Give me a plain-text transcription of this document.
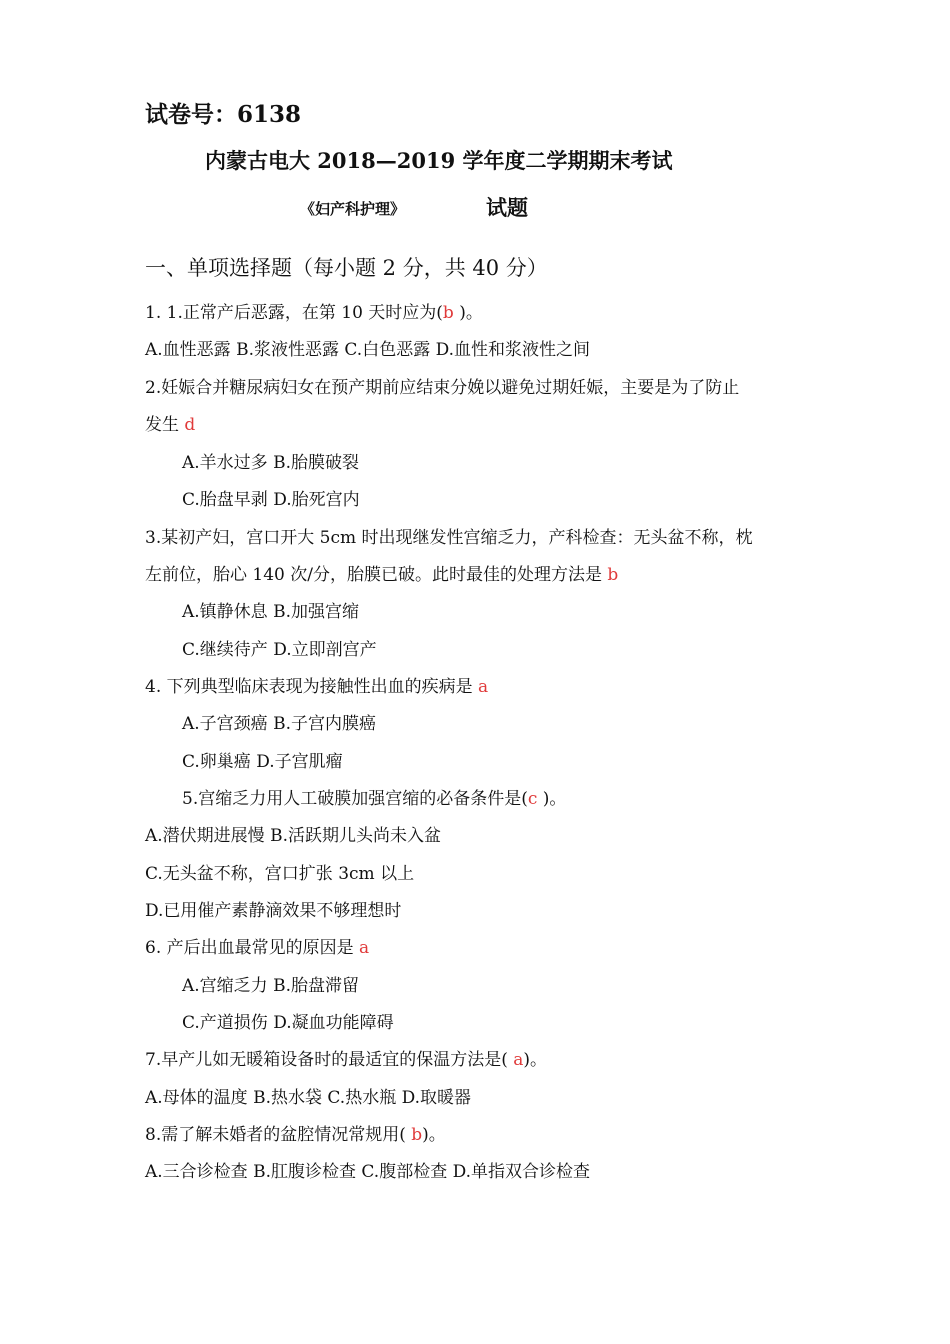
试卷号：6138
内蒙古电大 2018—2019 学年度二学期期末考试
《妇产科护理》	试题
一、单项选择题（每小题 2 分，共 40 分）
1. 1.正常产后恶露，在第 10 天时应为(b )。
A.血性恶露 B.浆液性恶露 C.白色恶露 D.血性和浆液性之间
2.妊娠合并糖尿病妇女在预产期前应结束分娩以避免过期妊娠，主要是为了防止
发生 d
A.羊水过多 B.胎膜破裂
C.胎盘早剥 D.胎死宫内
3.某初产妇，宫口开大 5cm 时出现继发性宫缩乏力，产科检查：无头盆不称，枕
左前位，胎心 140 次/分，胎膜已破。此时最佳的处理方法是 b
A.镇静休息 B.加强宫缩
C.继续待产 D.立即剖宫产
4. 下列典型临床表现为接触性出血的疾病是 a
A.子宫颈癌 B.子宫内膜癌
C.卵巢癌 D.子宫肌瘤
5.宫缩乏力用人工破膜加强宫缩的必备条件是(c )。
A.潜伏期进展慢 B.活跃期儿头尚未入盆
C.无头盆不称，宫口扩张 3cm 以上
D.已用催产素静滴效果不够理想时
6. 产后出血最常见的原因是 a
A.宫缩乏力 B.胎盘滞留
C.产道损伤 D.凝血功能障碍
7.早产儿如无暖箱设备时的最适宜的保温方法是( a)。
A.母体的温度 B.热水袋 C.热水瓶 D.取暖器
8.需了解未婚者的盆腔情况常规用( b)。
A.三合诊检查 B.肛腹诊检查 C.腹部检查 D.单指双合诊检查
